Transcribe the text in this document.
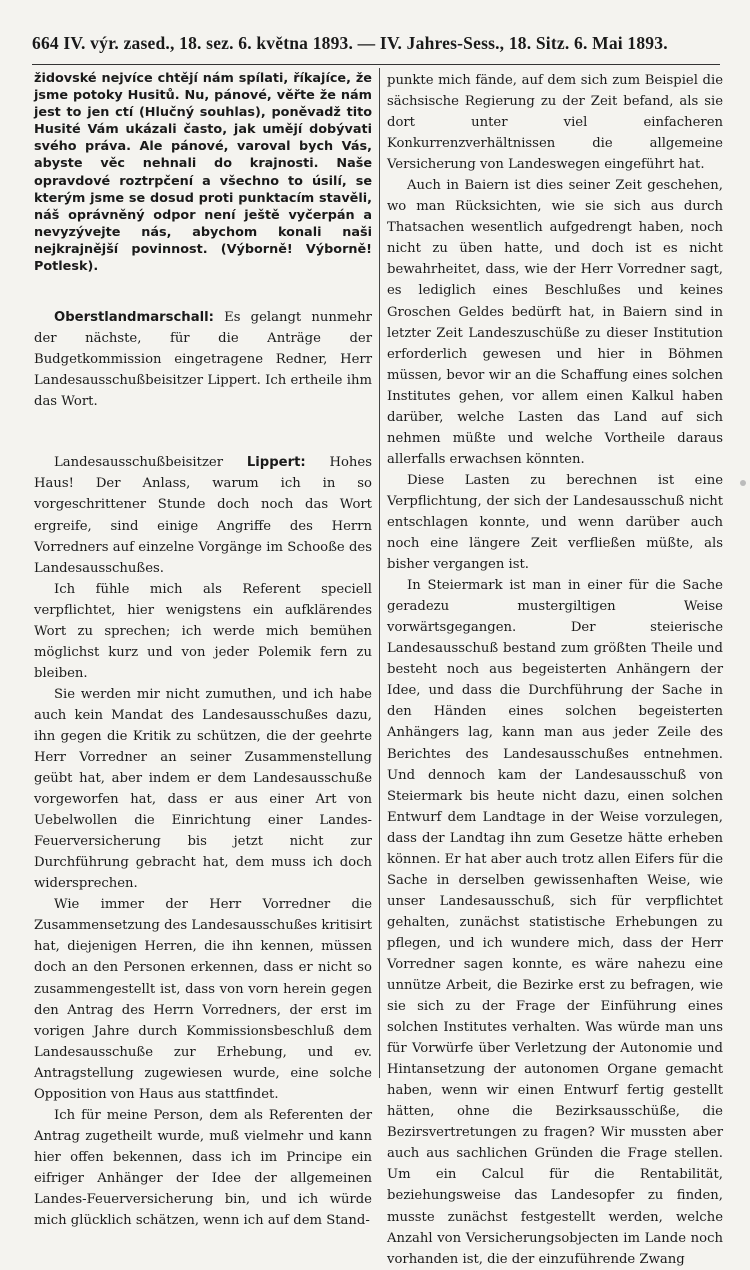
664 IV. výr. zased., 18. sez. 6. května 1893. — IV. Jahres-Sess., 18. Sitz. 6. Mai 1893.

židovské nejvíce chtějí nám spílati, říkajíce, že jsme potoky Husitů. Nu, pánové, věřte že nám jest to jen ctí (Hlučný souhlas), poněvadž tito Husité Vám ukázali často, jak umějí dobývati svého práva. Ale pánové, varoval bych Vás, abyste věc nehnali do krajnosti. Naše opravdové roztrpčení a všechno to úsilí, se kterým jsme se dosud proti punktacím stavěli, náš oprávněný odpor není ještě vyčerpán a nevyzývejte nás, abychom konali naši nejkrajnější povinnost. (Výborně! Výborně! Potlesk).

Oberstlandmarschall: Es gelangt nunmehr der nächste, für die Anträge der Budgetkommission eingetragene Redner, Herr Landesausschußbeisitzer Lippert. Ich ertheile ihm das Wort.

Landesausschußbeisitzer Lippert: Hohes Haus! Der Anlass, warum ich in so vorgeschrittener Stunde doch noch das Wort ergreife, sind einige Angriffe des Herrn Vorredners auf einzelne Vorgänge im Schooße des Landesausschußes.

Ich fühle mich als Referent speciell verpflichtet, hier wenigstens ein aufklärendes Wort zu sprechen; ich werde mich bemühen möglichst kurz und von jeder Polemik fern zu bleiben.

Sie werden mir nicht zumuthen, und ich habe auch kein Mandat des Landesausschußes dazu, ihn gegen die Kritik zu schützen, die der geehrte Herr Vorredner an seiner Zusammenstellung geübt hat, aber indem er dem Landesausschuße vorgeworfen hat, dass er aus einer Art von Uebelwollen die Einrichtung einer Landes-Feuerversicherung bis jetzt nicht zur Durchführung gebracht hat, dem muss ich doch widersprechen.

Wie immer der Herr Vorredner die Zusammensetzung des Landesausschußes kritisirt hat, diejenigen Herren, die ihn kennen, müssen doch an den Personen erkennen, dass er nicht so zusammengestellt ist, dass von vorn herein gegen den Antrag des Herrn Vorredners, der erst im vorigen Jahre durch Kommissionsbeschluß dem Landesausschuße zur Erhebung, und ev. Antragstellung zugewiesen wurde, eine solche Opposition von Haus aus stattfindet.

Ich für meine Person, dem als Referenten der Antrag zugetheilt wurde, muß vielmehr und kann hier offen bekennen, dass ich im Principe ein eifriger Anhänger der Idee der allgemeinen Landes-Feuerversicherung bin, und ich würde mich glücklich schätzen, wenn ich auf dem Stand-

punkte mich fände, auf dem sich zum Beispiel die sächsische Regierung zu der Zeit befand, als sie dort unter viel einfacheren Konkurrenzverhältnissen die allgemeine Versicherung von Landeswegen eingeführt hat.

Auch in Baiern ist dies seiner Zeit geschehen, wo man Rücksichten, wie sie sich aus durch Thatsachen wesentlich aufgedrengt haben, noch nicht zu üben hatte, und doch ist es nicht bewahrheitet, dass, wie der Herr Vorredner sagt, es lediglich eines Beschlußes und keines Groschen Geldes bedürft hat, in Baiern sind in letzter Zeit Landeszuschüße zu dieser Institution erforderlich gewesen und hier in Böhmen müssen, bevor wir an die Schaffung eines solchen Institutes gehen, vor allem einen Kalkul haben darüber, welche Lasten das Land auf sich nehmen müßte und welche Vortheile daraus allerfalls erwachsen könnten.

Diese Lasten zu berechnen ist eine Verpflichtung, der sich der Landesausschuß nicht entschlagen konnte, und wenn darüber auch noch eine längere Zeit verfließen müßte, als bisher vergangen ist.

In Steiermark ist man in einer für die Sache geradezu mustergiltigen Weise vorwärtsgegangen. Der steierische Landesausschuß bestand zum größten Theile und besteht noch aus begeisterten Anhängern der Idee, und dass die Durchführung der Sache in den Händen eines solchen begeisterten Anhängers lag, kann man aus jeder Zeile des Berichtes des Landesausschußes entnehmen. Und dennoch kam der Landesausschuß von Steiermark bis heute nicht dazu, einen solchen Entwurf dem Landtage in der Weise vorzulegen, dass der Landtag ihn zum Gesetze hätte erheben können. Er hat aber auch trotz allen Eifers für die Sache in derselben gewissenhaften Weise, wie unser Landesausschuß, sich für verpflichtet gehalten, zunächst statistische Erhebungen zu pflegen, und ich wundere mich, dass der Herr Vorredner sagen konnte, es wäre nahezu eine unnütze Arbeit, die Bezirke erst zu befragen, wie sie sich zu der Frage der Einführung eines solchen Institutes verhalten. Was würde man uns für Vorwürfe über Verletzung der Autonomie und Hintansetzung der autonomen Organe gemacht haben, wenn wir einen Entwurf fertig gestellt hätten, ohne die Bezirksausschüße, die Bezirsvertretungen zu fragen? Wir mussten aber auch aus sachlichen Gründen die Frage stellen. Um ein Calcul für die Rentabilität, beziehungsweise das Landesopfer zu finden, musste zunächst festgestellt werden, welche Anzahl von Versicherungsobjecten im Lande noch vorhanden ist, die der einzuführende Zwang
